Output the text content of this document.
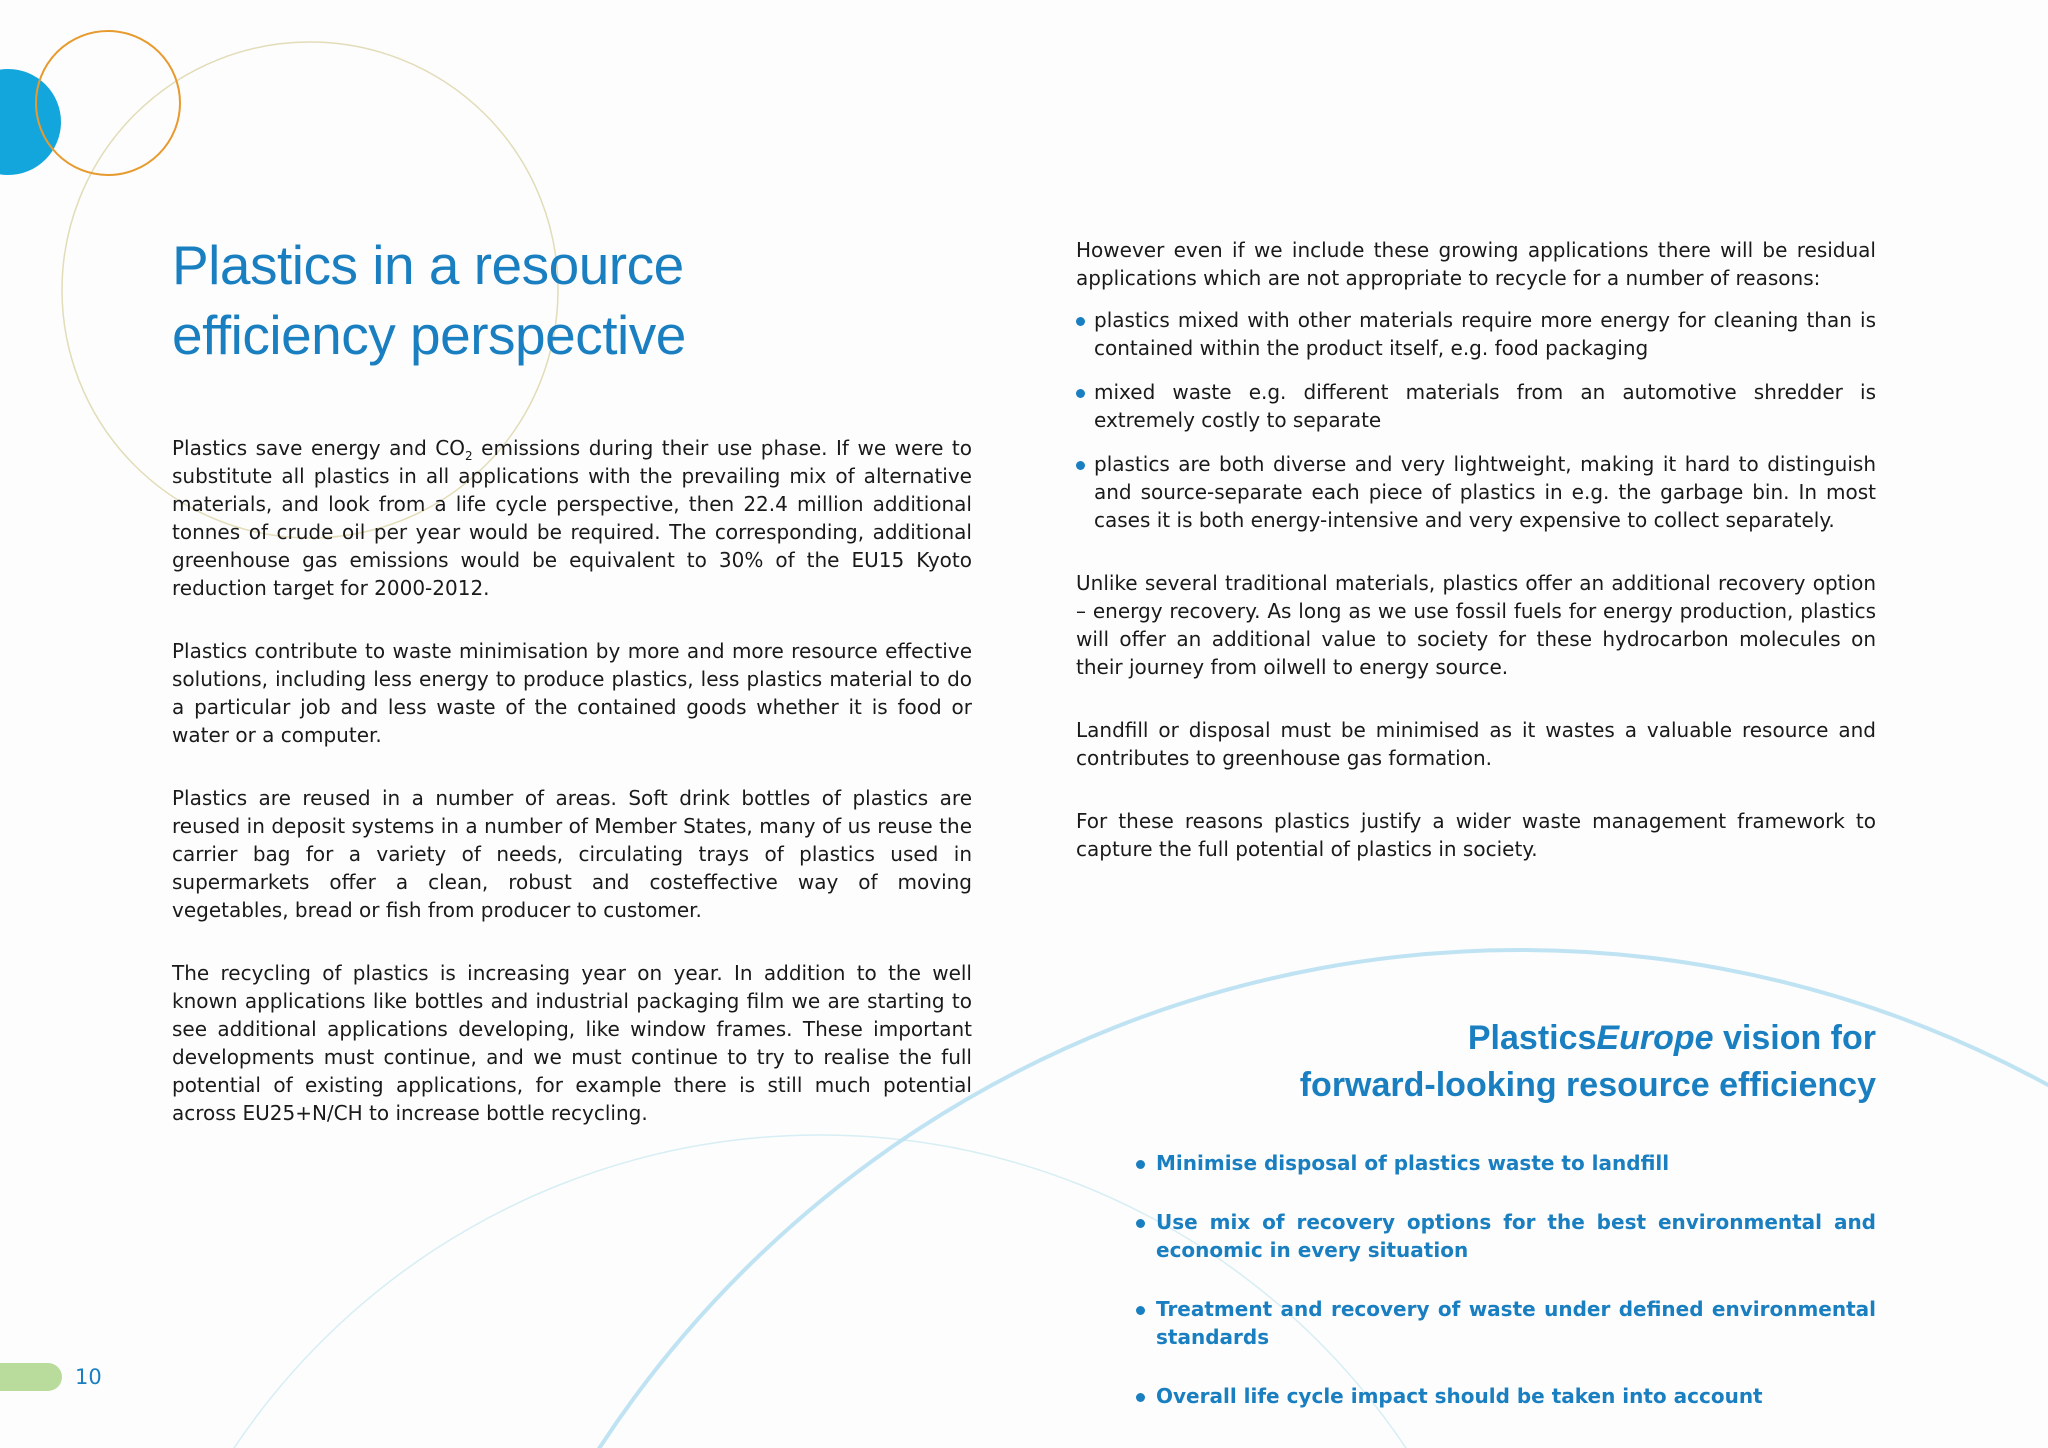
Plastics in a resource
efficiency perspective

Plastics save energy and $CO_2$ emissions during their use phase. If we were to substitute all plastics in all applications with the prevailing mix of alternative materials, and look from a life cycle perspective, then 22.4 million additional tonnes of crude oil per year would be required. The corresponding, additional greenhouse gas emissions would be equivalent to 30% of the EU15 Kyoto reduction target for 2000-2012.

Plastics contribute to waste minimisation by more and more resource effective solutions, including less energy to produce plastics, less plastics material to do a particular job and less waste of the contained goods whether it is food or water or a computer.

Plastics are reused in a number of areas. Soft drink bottles of plastics are reused in deposit systems in a number of Member States, many of us reuse the carrier bag for a variety of needs, circulating trays of plastics used in supermarkets offer a clean, robust and costeffective way of moving vegetables, bread or fish from producer to customer.

The recycling of plastics is increasing year on year. In addition to the well known applications like bottles and industrial packaging film we are starting to see additional applications developing, like window frames. These important developments must continue, and we must continue to try to realise the full potential of existing applications, for example there is still much potential across EU25+N/CH to increase bottle recycling.

However even if we include these growing applications there will be residual applications which are not appropriate to recycle for a number of reasons:

plastics mixed with other materials require more energy for cleaning than is contained within the product itself, e.g. food packaging
mixed waste e.g. different materials from an automotive shredder is extremely costly to separate
plastics are both diverse and very lightweight, making it hard to distinguish and source-separate each piece of plastics in e.g. the garbage bin. In most cases it is both energy-intensive and very expensive to collect separately.

Unlike several traditional materials, plastics offer an additional recovery option – energy recovery. As long as we use fossil fuels for energy production, plastics will offer an additional value to society for these hydrocarbon molecules on their journey from oilwell to energy source.

Landfill or disposal must be minimised as it wastes a valuable resource and contributes to greenhouse gas formation.

For these reasons plastics justify a wider waste management framework to capture the full potential of plastics in society.

PlasticsEurope vision for
forward-looking resource efficiency
Minimise disposal of plastics waste to landfill
Use mix of recovery options for the best environmental and economic in every situation
Treatment and recovery of waste under defined environmental standards
Overall life cycle impact should be taken into account
10
